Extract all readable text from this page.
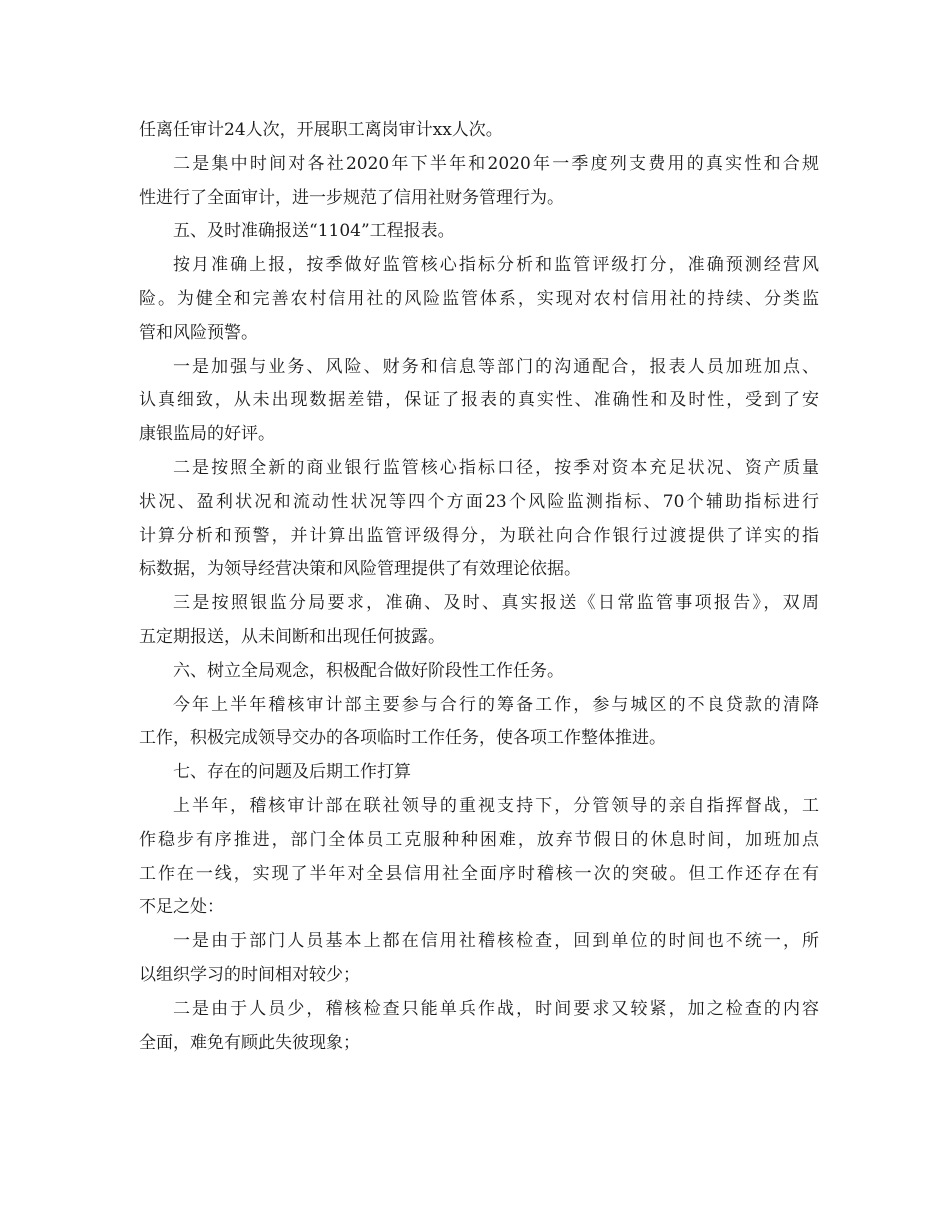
任离任审计24人次，开展职工离岗审计xx人次。
二是集中时间对各社2020年下半年和2020年一季度列支费用的真实性和合规
性进行了全面审计，进一步规范了信用社财务管理行为。
五、及时准确报送“1104”工程报表。
按月准确上报，按季做好监管核心指标分析和监管评级打分，准确预测经营风
险。为健全和完善农村信用社的风险监管体系，实现对农村信用社的持续、分类监
管和风险预警。
一是加强与业务、风险、财务和信息等部门的沟通配合，报表人员加班加点、
认真细致，从未出现数据差错，保证了报表的真实性、准确性和及时性，受到了安
康银监局的好评。
二是按照全新的商业银行监管核心指标口径，按季对资本充足状况、资产质量
状况、盈利状况和流动性状况等四个方面23个风险监测指标、70个辅助指标进行
计算分析和预警，并计算出监管评级得分，为联社向合作银行过渡提供了详实的指
标数据，为领导经营决策和风险管理提供了有效理论依据。
三是按照银监分局要求，准确、及时、真实报送《日常监管事项报告》，双周
五定期报送，从未间断和出现任何披露。
六、树立全局观念，积极配合做好阶段性工作任务。
今年上半年稽核审计部主要参与合行的筹备工作，参与城区的不良贷款的清降
工作，积极完成领导交办的各项临时工作任务，使各项工作整体推进。
七、存在的问题及后期工作打算
上半年，稽核审计部在联社领导的重视支持下，分管领导的亲自指挥督战，工
作稳步有序推进，部门全体员工克服种种困难，放弃节假日的休息时间，加班加点
工作在一线，实现了半年对全县信用社全面序时稽核一次的突破。但工作还存在有
不足之处：
一是由于部门人员基本上都在信用社稽核检查，回到单位的时间也不统一，所
以组织学习的时间相对较少；
二是由于人员少，稽核检查只能单兵作战，时间要求又较紧，加之检查的内容
全面，难免有顾此失彼现象；
